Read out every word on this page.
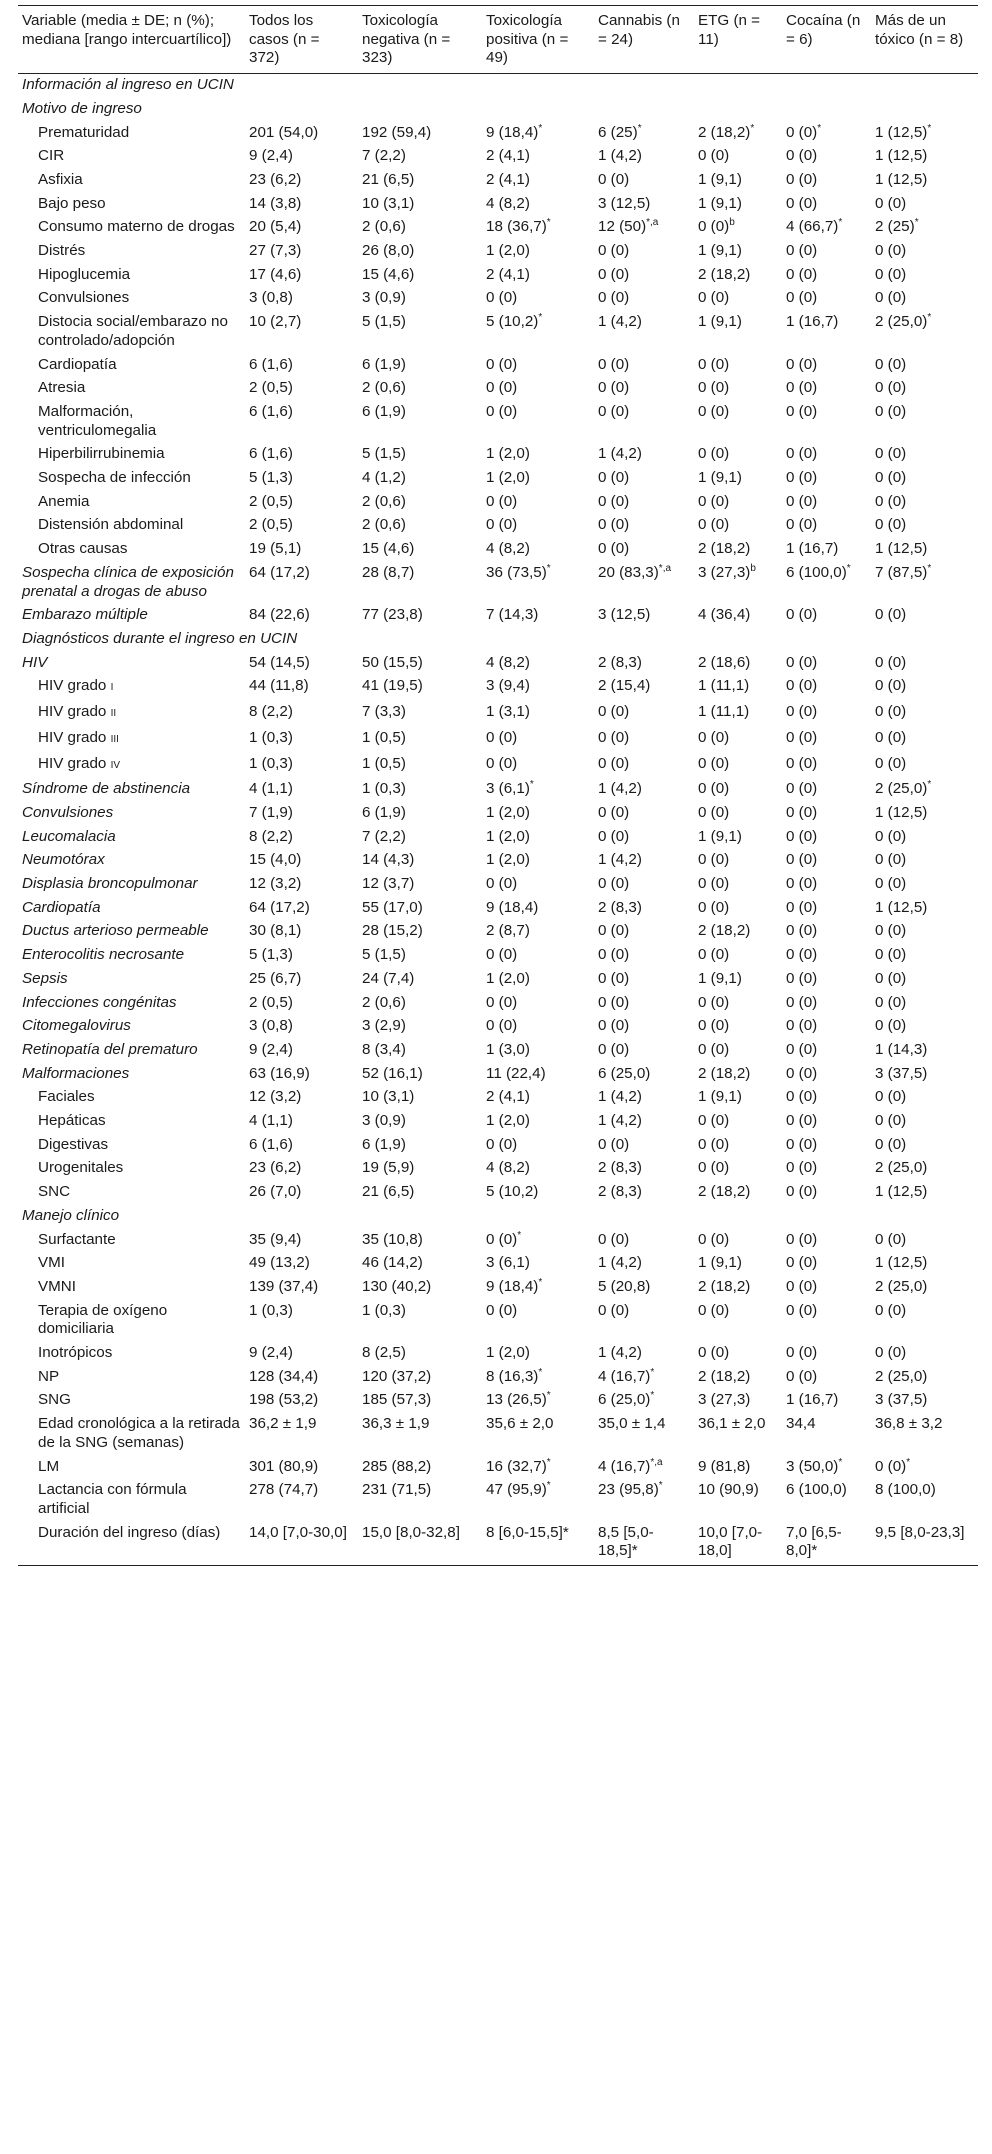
Variable (media ± DE; n (%); mediana [rango intercuartílico])	Todos los casos (n = 372)	Toxicología negativa (n = 323)	Toxicología positiva (n = 49)	Cannabis (n = 24)	ETG (n = 11)	Cocaína (n = 6)	Más de un tóxico (n = 8)
Información al ingreso en UCIN							
Motivo de ingreso							
Prematuridad	201 (54,0)	192 (59,4)	9 (18,4)*	6 (25)*	2 (18,2)*	0 (0)*	1 (12,5)*
CIR	9 (2,4)	7 (2,2)	2 (4,1)	1 (4,2)	0 (0)	0 (0)	1 (12,5)
Asfixia	23 (6,2)	21 (6,5)	2 (4,1)	0 (0)	1 (9,1)	0 (0)	1 (12,5)
Bajo peso	14 (3,8)	10 (3,1)	4 (8,2)	3 (12,5)	1 (9,1)	0 (0)	0 (0)
Consumo materno de drogas	20 (5,4)	2 (0,6)	18 (36,7)*	12 $(50)^{*,a}$	0 $(0)^b$	4 (66,7)*	2 (25)*
Distrés	27 (7,3)	26 (8,0)	1 (2,0)	0 (0)	1 (9,1)	0 (0)	0 (0)
Hipoglucemia	17 (4,6)	15 (4,6)	2 (4,1)	0 (0)	2 (18,2)	0 (0)	0 (0)
Convulsiones	3 (0,8)	3 (0,9)	0 (0)	0 (0)	0 (0)	0 (0)	0 (0)
Distocia social/embarazo no controlado/adopción	10 (2,7)	5 (1,5)	5 (10,2)*	1 (4,2)	1 (9,1)	1 (16,7)	2 (25,0)*
Cardiopatía	6 (1,6)	6 (1,9)	0 (0)	0 (0)	0 (0)	0 (0)	0 (0)
Atresia	2 (0,5)	2 (0,6)	0 (0)	0 (0)	0 (0)	0 (0)	0 (0)
Malformación, ventriculomegalia	6 (1,6)	6 (1,9)	0 (0)	0 (0)	0 (0)	0 (0)	0 (0)
Hiperbilirrubinemia	6 (1,6)	5 (1,5)	1 (2,0)	1 (4,2)	0 (0)	0 (0)	0 (0)
Sospecha de infección	5 (1,3)	4 (1,2)	1 (2,0)	0 (0)	1 (9,1)	0 (0)	0 (0)
Anemia	2 (0,5)	2 (0,6)	0 (0)	0 (0)	0 (0)	0 (0)	0 (0)
Distensión abdominal	2 (0,5)	2 (0,6)	0 (0)	0 (0)	0 (0)	0 (0)	0 (0)
Otras causas	19 (5,1)	15 (4,6)	4 (8,2)	0 (0)	2 (18,2)	1 (16,7)	1 (12,5)
Sospecha clínica de exposición prenatal a drogas de abuso	64 (17,2)	28 (8,7)	36 (73,5)*	20 $(83,3)^{*,a}$	3 $(27,3)^b$	6 (100,0)*	7 (87,5)*
Embarazo múltiple	84 (22,6)	77 (23,8)	7 (14,3)	3 (12,5)	4 (36,4)	0 (0)	0 (0)
Diagnósticos durante el ingreso en UCIN							
HIV	54 (14,5)	50 (15,5)	4 (8,2)	2 (8,3)	2 (18,6)	0 (0)	0 (0)
HIV grado I	44 (11,8)	41 (19,5)	3 (9,4)	2 (15,4)	1 (11,1)	0 (0)	0 (0)
HIV grado II	8 (2,2)	7 (3,3)	1 (3,1)	0 (0)	1 (11,1)	0 (0)	0 (0)
HIV grado III	1 (0,3)	1 (0,5)	0 (0)	0 (0)	0 (0)	0 (0)	0 (0)
HIV grado IV	1 (0,3)	1 (0,5)	0 (0)	0 (0)	0 (0)	0 (0)	0 (0)
Síndrome de abstinencia	4 (1,1)	1 (0,3)	3 (6,1)*	1 (4,2)	0 (0)	0 (0)	2 (25,0)*
Convulsiones	7 (1,9)	6 (1,9)	1 (2,0)	0 (0)	0 (0)	0 (0)	1 (12,5)
Leucomalacia	8 (2,2)	7 (2,2)	1 (2,0)	0 (0)	1 (9,1)	0 (0)	0 (0)
Neumotórax	15 (4,0)	14 (4,3)	1 (2,0)	1 (4,2)	0 (0)	0 (0)	0 (0)
Displasia broncopulmonar	12 (3,2)	12 (3,7)	0 (0)	0 (0)	0 (0)	0 (0)	0 (0)
Cardiopatía	64 (17,2)	55 (17,0)	9 (18,4)	2 (8,3)	0 (0)	0 (0)	1 (12,5)
Ductus arterioso permeable	30 (8,1)	28 (15,2)	2 (8,7)	0 (0)	2 (18,2)	0 (0)	0 (0)
Enterocolitis necrosante	5 (1,3)	5 (1,5)	0 (0)	0 (0)	0 (0)	0 (0)	0 (0)
Sepsis	25 (6,7)	24 (7,4)	1 (2,0)	0 (0)	1 (9,1)	0 (0)	0 (0)
Infecciones congénitas	2 (0,5)	2 (0,6)	0 (0)	0 (0)	0 (0)	0 (0)	0 (0)
Citomegalovirus	3 (0,8)	3 (2,9)	0 (0)	0 (0)	0 (0)	0 (0)	0 (0)
Retinopatía del prematuro	9 (2,4)	8 (3,4)	1 (3,0)	0 (0)	0 (0)	0 (0)	1 (14,3)
Malformaciones	63 (16,9)	52 (16,1)	11 (22,4)	6 (25,0)	2 (18,2)	0 (0)	3 (37,5)
Faciales	12 (3,2)	10 (3,1)	2 (4,1)	1 (4,2)	1 (9,1)	0 (0)	0 (0)
Hepáticas	4 (1,1)	3 (0,9)	1 (2,0)	1 (4,2)	0 (0)	0 (0)	0 (0)
Digestivas	6 (1,6)	6 (1,9)	0 (0)	0 (0)	0 (0)	0 (0)	0 (0)
Urogenitales	23 (6,2)	19 (5,9)	4 (8,2)	2 (8,3)	0 (0)	0 (0)	2 (25,0)
SNC	26 (7,0)	21 (6,5)	5 (10,2)	2 (8,3)	2 (18,2)	0 (0)	1 (12,5)
Manejo clínico							
Surfactante	35 (9,4)	35 (10,8)	0 (0)*	0 (0)	0 (0)	0 (0)	0 (0)
VMI	49 (13,2)	46 (14,2)	3 (6,1)	1 (4,2)	1 (9,1)	0 (0)	1 (12,5)
VMNI	139 (37,4)	130 (40,2)	9 (18,4)*	5 (20,8)	2 (18,2)	0 (0)	2 (25,0)
Terapia de oxígeno domiciliaria	1 (0,3)	1 (0,3)	0 (0)	0 (0)	0 (0)	0 (0)	0 (0)
Inotrópicos	9 (2,4)	8 (2,5)	1 (2,0)	1 (4,2)	0 (0)	0 (0)	0 (0)
NP	128 (34,4)	120 (37,2)	8 (16,3)*	4 (16,7)*	2 (18,2)	0 (0)	2 (25,0)
SNG	198 (53,2)	185 (57,3)	13 (26,5)*	6 (25,0)*	3 (27,3)	1 (16,7)	3 (37,5)
Edad cronológica a la retirada de la SNG (semanas)	36,2 ± 1,9	36,3 ± 1,9	35,6 ± 2,0	35,0 ± 1,4	36,1 ± 2,0	34,4	36,8 ± 3,2
LM	301 (80,9)	285 (88,2)	16 (32,7)*	4 $(16,7)^{*,a}$	9 (81,8)	3 (50,0)*	0 (0)*
Lactancia con fórmula artificial	278 (74,7)	231 (71,5)	47 (95,9)*	23 (95,8)*	10 (90,9)	6 (100,0)	8 (100,0)
Duración del ingreso (días)	14,0 [7,0-30,0]	15,0 [8,0-32,8]	8 [6,0-15,5]*	8,5 [5,0-18,5]*	10,0 [7,0-18,0]	7,0 [6,5-8,0]*	9,5 [8,0-23,3]
